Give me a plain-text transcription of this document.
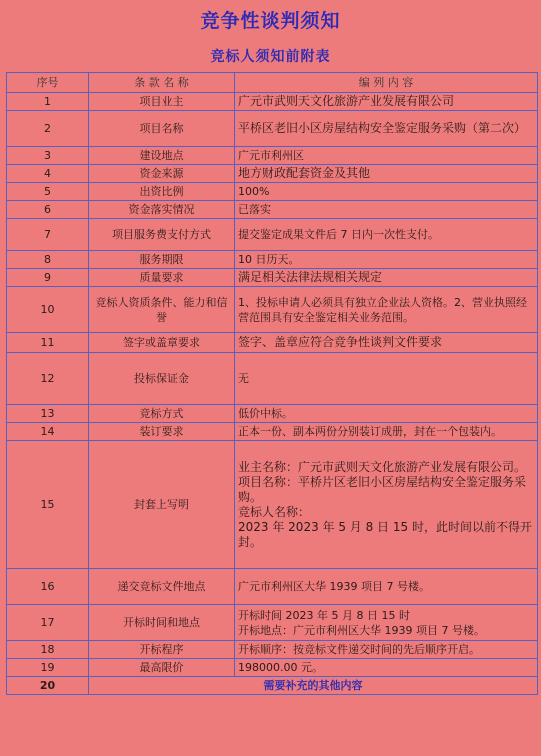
竞争性谈判须知
竞标人须知前附表
序号	条 款 名 称	编 列 内 容
1	项目业主	广元市武则天文化旅游产业发展有限公司

2	项目名称	平桥区老旧小区房屋结构安全鉴定服务采购（第二次）

3	建设地点	广元市利州区

4	资金来源	地方财政配套资金及其他

5	出资比例	100%

6	资金落实情况	已落实

7	项目服务费支付方式	提交鉴定成果文件后 7 日内一次性支付。

8	服务期限	10 日历天。

9	质量要求	满足相关法律法规相关规定

10	竞标人资质条件、能力和信誉	1、投标申请人必须具有独立企业法人资格。2、营业执照经营范围具有安全鉴定相关业务范围。

11	签字或盖章要求	签字、盖章应符合竞争性谈判文件要求

12	投标保证金	无

13	竞标方式	低价中标。

14	装订要求	正本一份、副本两份分别装订成册，封在一个包装内。

15	封套上写明	业主名称：广元市武则天文化旅游产业发展有限公司。
项目名称：平桥片区老旧小区房屋结构安全鉴定服务采购。
竞标人名称：
2023 年 2023 年 5 月 8 日 15 时，此时间以前不得开封。

16	递交竞标文件地点	广元市利州区大华 1939 项目 7 号楼。

17	开标时间和地点	开标时间 2023 年 5 月 8 日 15 时
开标地点：广元市利州区大华 1939 项目 7 号楼。

18	开标程序	开标顺序：按竞标文件递交时间的先后顺序开启。

19	最高限价	198000.00 元。

20	需要补充的其他内容	
